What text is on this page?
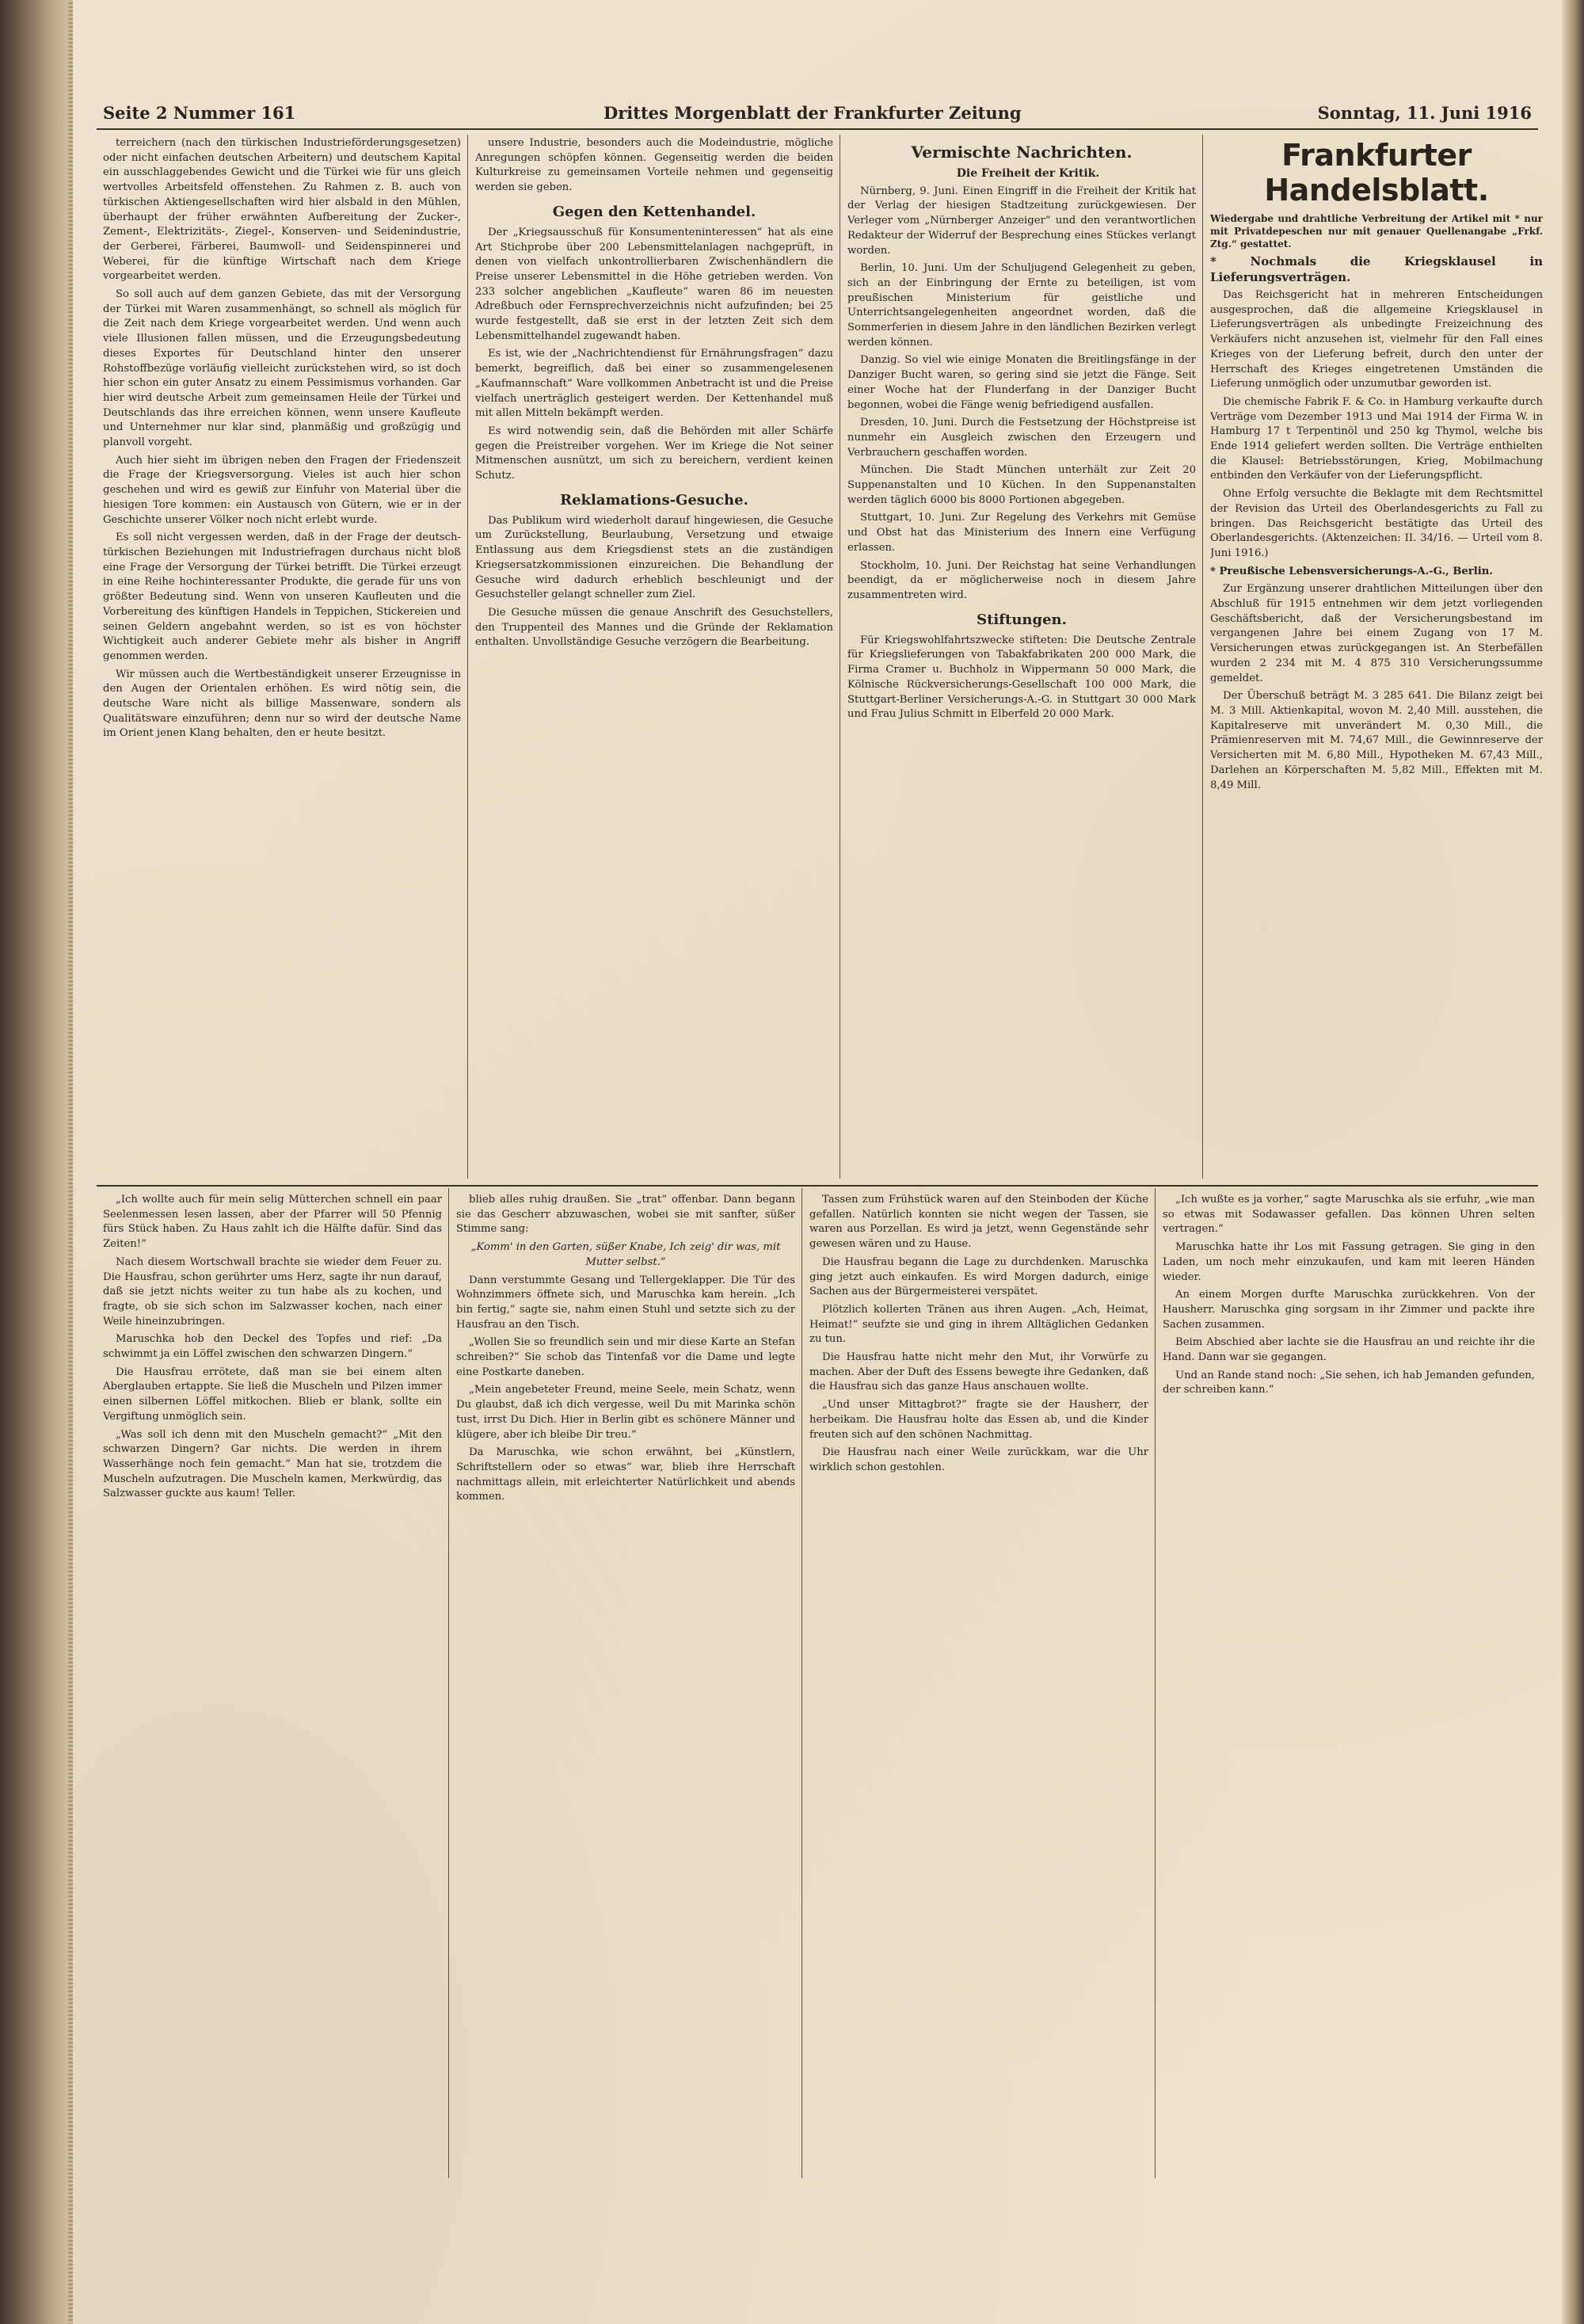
Seite 2 Nummer 161	Drittes Morgenblatt der Frankfurter Zeitung	Sonntag, 11. Juni 1916

terreichern (nach den türkischen Industrieförderungsgesetzen) oder nicht einfachen deutschen Arbeitern) und deutschem Kapital ein ausschlaggebendes Gewicht und die Türkei wie für uns gleich wertvolles Arbeitsfeld offenstehen. Zu Rahmen z. B. auch von türkischen Aktiengesellschaften wird hier alsbald in den Mühlen, überhaupt der früher erwähnten Aufbereitung der Zucker-, Zement-, Elektrizitäts-, Ziegel-, Konserven- und Seidenindustrie, der Gerberei, Färberei, Baumwoll- und Seidenspinnerei und Weberei, für die künftige Wirtschaft nach dem Kriege vorgearbeitet werden.

So soll auch auf dem ganzen Gebiete, das mit der Versorgung der Türkei mit Waren zusammenhängt, so schnell als möglich für die Zeit nach dem Kriege vorgearbeitet werden. Und wenn auch viele Illusionen fallen müssen, und die Erzeugungsbedeutung dieses Exportes für Deutschland hinter den unserer Rohstoffbezüge vorläufig vielleicht zurückstehen wird, so ist doch hier schon ein guter Ansatz zu einem Pessimismus vorhanden. Gar hier wird deutsche Arbeit zum gemeinsamen Heile der Türkei und Deutschlands das ihre erreichen können, wenn unsere Kaufleute und Unternehmer nur klar sind, planmäßig und großzügig und planvoll vorgeht.

Auch hier sieht im übrigen neben den Fragen der Friedenszeit die Frage der Kriegsversorgung. Vieles ist auch hier schon geschehen und wird es gewiß zur Einfuhr von Material über die hiesigen Tore kommen: ein Austausch von Gütern, wie er in der Geschichte unserer Völker noch nicht erlebt wurde.

Es soll nicht vergessen werden, daß in der Frage der deutsch-türkischen Beziehungen mit Industriefragen durchaus nicht bloß eine Frage der Versorgung der Türkei betrifft. Die Türkei erzeugt in eine Reihe hochinteressanter Produkte, die gerade für uns von größter Bedeutung sind. Wenn von unseren Kaufleuten und die Vorbereitung des künftigen Handels in Teppichen, Stickereien und seinen Geldern angebahnt werden, so ist es von höchster Wichtigkeit auch anderer Gebiete mehr als bisher in Angriff genommen werden.

Wir müssen auch die Wertbeständigkeit unserer Erzeugnisse in den Augen der Orientalen erhöhen. Es wird nötig sein, die deutsche Ware nicht als billige Massenware, sondern als Qualitätsware einzuführen; denn nur so wird der deutsche Name im Orient jenen Klang behalten, den er heute besitzt.

unsere Industrie, besonders auch die Modeindustrie, mögliche Anregungen schöpfen können. Gegenseitig werden die beiden Kulturkreise zu gemeinsamen Vorteile nehmen und gegenseitig werden sie geben.

Gegen den Kettenhandel.

Der „Kriegsausschuß für Konsumenteninteressen“ hat als eine Art Stichprobe über 200 Lebensmittelanlagen nachgeprüft, in denen von vielfach unkontrollierbaren Zwischenhändlern die Preise unserer Lebensmittel in die Höhe getrieben werden. Von 233 solcher angeblichen „Kaufleute“ waren 86 im neuesten Adreßbuch oder Fernsprechverzeichnis nicht aufzufinden; bei 25 wurde festgestellt, daß sie erst in der letzten Zeit sich dem Lebensmittelhandel zugewandt haben.

Es ist, wie der „Nachrichtendienst für Ernährungsfragen“ dazu bemerkt, begreiflich, daß bei einer so zusammengelesenen „Kaufmannschaft“ Ware vollkommen Anbetracht ist und die Preise vielfach unerträglich gesteigert werden. Der Kettenhandel muß mit allen Mitteln bekämpft werden.

Es wird notwendig sein, daß die Behörden mit aller Schärfe gegen die Preistreiber vorgehen. Wer im Kriege die Not seiner Mitmenschen ausnützt, um sich zu bereichern, verdient keinen Schutz.

Reklamations-Gesuche.

Das Publikum wird wiederholt darauf hingewiesen, die Gesuche um Zurückstellung, Beurlaubung, Versetzung und etwaige Entlassung aus dem Kriegsdienst stets an die zuständigen Kriegsersatzkommissionen einzureichen. Die Behandlung der Gesuche wird dadurch erheblich beschleunigt und der Gesuchsteller gelangt schneller zum Ziel.

Die Gesuche müssen die genaue Anschrift des Gesuchstellers, den Truppenteil des Mannes und die Gründe der Reklamation enthalten. Unvollständige Gesuche verzögern die Bearbeitung.

Vermischte Nachrichten.

Die Freiheit der Kritik.

Nürnberg, 9. Juni. Einen Eingriff in die Freiheit der Kritik hat der Verlag der hiesigen Stadtzeitung zurückgewiesen. Der Verleger vom „Nürnberger Anzeiger“ und den verantwortlichen Redakteur der Widerruf der Besprechung eines Stückes verlangt worden.

Berlin, 10. Juni. Um der Schuljugend Gelegenheit zu geben, sich an der Einbringung der Ernte zu beteiligen, ist vom preußischen Ministerium für geistliche und Unterrichtsangelegenheiten angeordnet worden, daß die Sommerferien in diesem Jahre in den ländlichen Bezirken verlegt werden können.

Danzig. So viel wie einige Monaten die Breitlingsfänge in der Danziger Bucht waren, so gering sind sie jetzt die Fänge. Seit einer Woche hat der Flunderfang in der Danziger Bucht begonnen, wobei die Fänge wenig befriedigend ausfallen.

Dresden, 10. Juni. Durch die Festsetzung der Höchstpreise ist nunmehr ein Ausgleich zwischen den Erzeugern und Verbrauchern geschaffen worden.

München. Die Stadt München unterhält zur Zeit 20 Suppenanstalten und 10 Küchen. In den Suppenanstalten werden täglich 6000 bis 8000 Portionen abgegeben.

Stuttgart, 10. Juni. Zur Regelung des Verkehrs mit Gemüse und Obst hat das Ministerium des Innern eine Verfügung erlassen.

Stockholm, 10. Juni. Der Reichstag hat seine Verhandlungen beendigt, da er möglicherweise noch in diesem Jahre zusammentreten wird.

Stiftungen.

Für Kriegswohlfahrtszwecke stifteten: Die Deutsche Zentrale für Kriegslieferungen von Tabakfabrikaten 200 000 Mark, die Firma Cramer u. Buchholz in Wippermann 50 000 Mark, die Kölnische Rückversicherungs-Gesellschaft 100 000 Mark, die Stuttgart-Berliner Versicherungs-A.-G. in Stuttgart 30 000 Mark und Frau Julius Schmitt in Elberfeld 20 000 Mark.

Frankfurter Handelsblatt.

Wiedergabe und drahtliche Verbreitung der Artikel mit * nur mit Privatdepeschen nur mit genauer Quellenangabe „Frkf. Ztg.“ gestattet.

* Nochmals die Kriegsklausel in Lieferungsverträgen.

Das Reichsgericht hat in mehreren Entscheidungen ausgesprochen, daß die allgemeine Kriegsklausel in Lieferungsverträgen als unbedingte Freizeichnung des Verkäufers nicht anzusehen ist, vielmehr für den Fall eines Krieges von der Lieferung befreit, durch den unter der Herrschaft des Krieges eingetretenen Umständen die Lieferung unmöglich oder unzumutbar geworden ist.

Die chemische Fabrik F. & Co. in Hamburg verkaufte durch Verträge vom Dezember 1913 und Mai 1914 der Firma W. in Hamburg 17 t Terpentinöl und 250 kg Thymol, welche bis Ende 1914 geliefert werden sollten. Die Verträge enthielten die Klausel: Betriebsstörungen, Krieg, Mobilmachung entbinden den Verkäufer von der Lieferungspflicht.

Ohne Erfolg versuchte die Beklagte mit dem Rechtsmittel der Revision das Urteil des Oberlandesgerichts zu Fall zu bringen. Das Reichsgericht bestätigte das Urteil des Oberlandesgerichts. (Aktenzeichen: II. 34/16. — Urteil vom 8. Juni 1916.)

* Preußische Lebensversicherungs-A.-G., Berlin.

Zur Ergänzung unserer drahtlichen Mitteilungen über den Abschluß für 1915 entnehmen wir dem jetzt vorliegenden Geschäftsbericht, daß der Versicherungsbestand im vergangenen Jahre bei einem Zugang von 17 M. Versicherungen etwas zurückgegangen ist. An Sterbefällen wurden 2 234 mit M. 4 875 310 Versicherungssumme gemeldet.

Der Überschuß beträgt M. 3 285 641. Die Bilanz zeigt bei M. 3 Mill. Aktienkapital, wovon M. 2,40 Mill. ausstehen, die Kapitalreserve mit unverändert M. 0,30 Mill., die Prämienreserven mit M. 74,67 Mill., die Gewinnreserve der Versicherten mit M. 6,80 Mill., Hypotheken M. 67,43 Mill., Darlehen an Körperschaften M. 5,82 Mill., Effekten mit M. 8,49 Mill.

„Ich wollte auch für mein selig Mütterchen schnell ein paar Seelenmessen lesen lassen, aber der Pfarrer will 50 Pfennig fürs Stück haben. Zu Haus zahlt ich die Hälfte dafür. Sind das Zeiten!“

Nach diesem Wortschwall brachte sie wieder dem Feuer zu. Die Hausfrau, schon gerührter ums Herz, sagte ihr nun darauf, daß sie jetzt nichts weiter zu tun habe als zu kochen, und fragte, ob sie sich schon im Salzwasser kochen, nach einer Weile hineinzubringen.

Maruschka hob den Deckel des Topfes und rief: „Da schwimmt ja ein Löffel zwischen den schwarzen Dingern.“

Die Hausfrau errötete, daß man sie bei einem alten Aberglauben ertappte. Sie ließ die Muscheln und Pilzen immer einen silbernen Löffel mitkochen. Blieb er blank, sollte ein Vergiftung unmöglich sein.

„Was soll ich denn mit den Muscheln gemacht?“ „Mit den schwarzen Dingern? Gar nichts. Die werden in ihrem Wasserhänge noch fein gemacht.“ Man hat sie, trotzdem die Muscheln aufzutragen. Die Muscheln kamen, Merkwürdig, das Salzwasser guckte aus kaum! Teller.

blieb alles ruhig draußen. Sie „trat“ offenbar. Dann begann sie das Gescherr abzuwaschen, wobei sie mit sanfter, süßer Stimme sang:

„Komm' in den Garten, süßer Knabe, Ich zeig' dir was, mit Mutter selbst.“

Dann verstummte Gesang und Tellergeklapper. Die Tür des Wohnzimmers öffnete sich, und Maruschka kam herein. „Ich bin fertig,“ sagte sie, nahm einen Stuhl und setzte sich zu der Hausfrau an den Tisch.

„Wollen Sie so freundlich sein und mir diese Karte an Stefan schreiben?“ Sie schob das Tintenfaß vor die Dame und legte eine Postkarte daneben.

„Mein angebeteter Freund, meine Seele, mein Schatz, wenn Du glaubst, daß ich dich vergesse, weil Du mit Marinka schön tust, irrst Du Dich. Hier in Berlin gibt es schönere Männer und klügere, aber ich bleibe Dir treu.“

Da Maruschka, wie schon erwähnt, bei „Künstlern, Schriftstellern oder so etwas“ war, blieb ihre Herrschaft nachmittags allein, mit erleichterter Natürlichkeit und abends kommen.

Tassen zum Frühstück waren auf den Steinboden der Küche gefallen. Natürlich konnten sie nicht wegen der Tassen, sie waren aus Porzellan. Es wird ja jetzt, wenn Gegenstände sehr gewesen wären und zu Hause.

Die Hausfrau begann die Lage zu durchdenken. Maruschka ging jetzt auch einkaufen. Es wird Morgen dadurch, einige Sachen aus der Bürgermeisterei verspätet.

Plötzlich kollerten Tränen aus ihren Augen. „Ach, Heimat, Heimat!“ seufzte sie und ging in ihrem Alltäglichen Gedanken zu tun.

Die Hausfrau hatte nicht mehr den Mut, ihr Vorwürfe zu machen. Aber der Duft des Essens bewegte ihre Gedanken, daß die Hausfrau sich das ganze Haus anschauen wollte.

„Und unser Mittagbrot?“ fragte sie der Hausherr, der herbeikam. Die Hausfrau holte das Essen ab, und die Kinder freuten sich auf den schönen Nachmittag.

Die Hausfrau nach einer Weile zurückkam, war die Uhr wirklich schon gestohlen.

„Ich wußte es ja vorher,“ sagte Maruschka als sie erfuhr, „wie man so etwas mit Sodawasser gefallen. Das können Uhren selten vertragen.“

Maruschka hatte ihr Los mit Fassung getragen. Sie ging in den Laden, um noch mehr einzukaufen, und kam mit leeren Händen wieder.

An einem Morgen durfte Maruschka zurückkehren. Von der Hausherr. Maruschka ging sorgsam in ihr Zimmer und packte ihre Sachen zusammen.

Beim Abschied aber lachte sie die Hausfrau an und reichte ihr die Hand. Dann war sie gegangen.

Und an Rande stand noch: „Sie sehen, ich hab Jemanden gefunden, der schreiben kann.“
